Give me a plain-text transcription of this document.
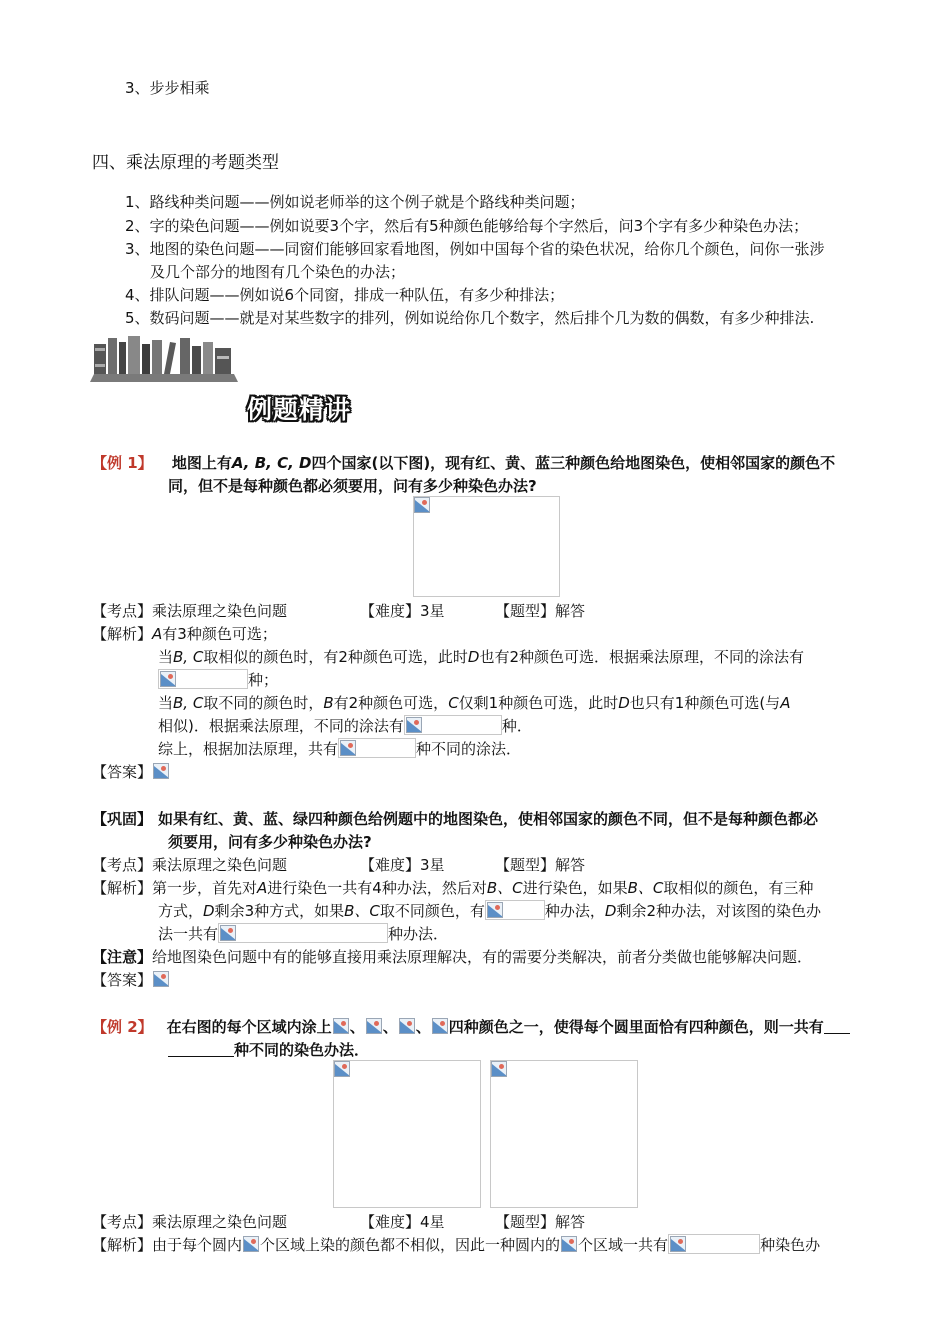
3、步步相乘
四、乘法原理的考题类型
1、路线种类问题——例如说老师举的这个例子就是个路线种类问题；
2、字的染色问题——例如说要3个字，然后有5种颜色能够给每个字然后，问3个字有多少种染色办法；
3、地图的染色问题——同窗们能够回家看地图，例如中国每个省的染色状况，给你几个颜色，问你一张涉
及几个部分的地图有几个染色的办法；
4、排队问题——例如说6个同窗，排成一种队伍，有多少种排法；
5、数码问题——就是对某些数字的排列，例如说给你几个数字，然后排个几为数的偶数，有多少种排法.
例题精讲
【例 1】 地图上有A, B, C, D四个国家(以下图)，现有红、黄、蓝三种颜色给地图染色，使相邻国家的颜色不
同，但不是每种颜色都必须要用，问有多少种染色办法?
【考点】乘法原理之染色问题	【难度】3星	【题型】解答
【解析】A有3种颜色可选；
当B, C取相似的颜色时，有2种颜色可选，此时D也有2种颜色可选．根据乘法原理，不同的涂法有
种；
当B, C取不同的颜色时，B有2种颜色可选，C仅剩1种颜色可选，此时D也只有1种颜色可选(与A
相似)．根据乘法原理，不同的涂法有	种．
综上，根据加法原理，共有	种不同的涂法．
【答案】
【巩固】 如果有红、黄、蓝、绿四种颜色给例题中的地图染色，使相邻国家的颜色不同，但不是每种颜色都必
须要用，问有多少种染色办法?
【考点】乘法原理之染色问题	【难度】3星	【题型】解答
【解析】第一步，首先对A进行染色一共有4种办法，然后对B、C进行染色，如果B、C取相似的颜色，有三种
方式，D剩余3种方式，如果B、C取不同颜色，有	种办法，D剩余2种办法，对该图的染色办
法一共有	种办法．
【注意】给地图染色问题中有的能够直接用乘法原理解决，有的需要分类解决，前者分类做也能够解决问题．
【答案】
【例 2】 在右图的每个区域内涂上 、 、 、 四种颜色之一，使得每个圆里面恰有四种颜色，则一共有
种不同的染色办法．
【考点】乘法原理之染色问题	【难度】4星	【题型】解答
【解析】由于每个圆内 个区域上染的颜色都不相似，因此一种圆内的 个区域一共有	种染色办
